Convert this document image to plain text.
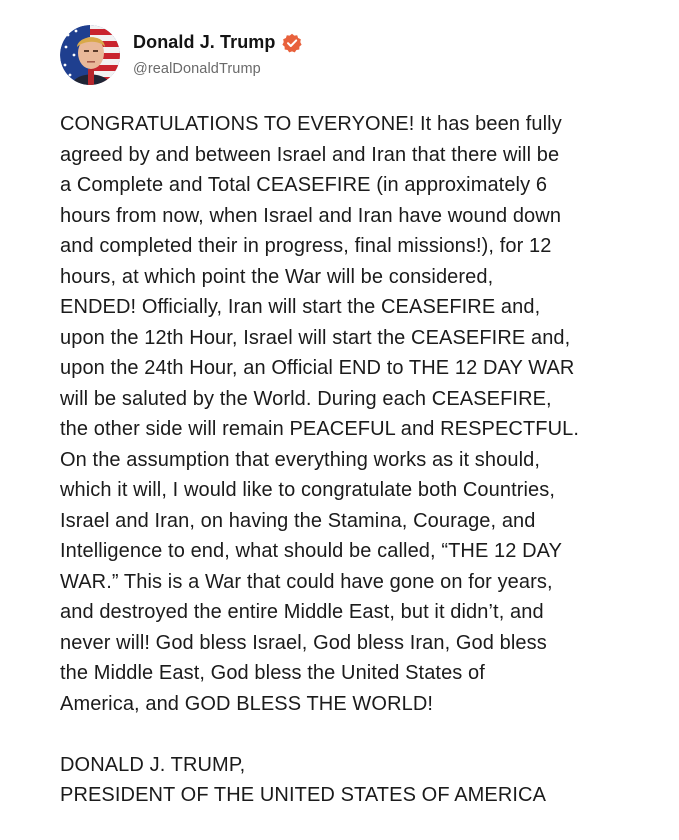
Donald J. Trump
@realDonaldTrump
CONGRATULATIONS TO EVERYONE! It has been fully
agreed by and between Israel and Iran that there will be
a Complete and Total CEASEFIRE (in approximately 6
hours from now, when Israel and Iran have wound down
and completed their in progress, final missions!), for 12
hours, at which point the War will be considered,
ENDED! Officially, Iran will start the CEASEFIRE and,
upon the 12th Hour, Israel will start the CEASEFIRE and,
upon the 24th Hour, an Official END to THE 12 DAY WAR
will be saluted by the World. During each CEASEFIRE,
the other side will remain PEACEFUL and RESPECTFUL.
On the assumption that everything works as it should,
which it will, I would like to congratulate both Countries,
Israel and Iran, on having the Stamina, Courage, and
Intelligence to end, what should be called, “THE 12 DAY
WAR.” This is a War that could have gone on for years,
and destroyed the entire Middle East, but it didn’t, and
never will! God bless Israel, God bless Iran, God bless
the Middle East, God bless the United States of
America, and GOD BLESS THE WORLD!
DONALD J. TRUMP,
PRESIDENT OF THE UNITED STATES OF AMERICA
